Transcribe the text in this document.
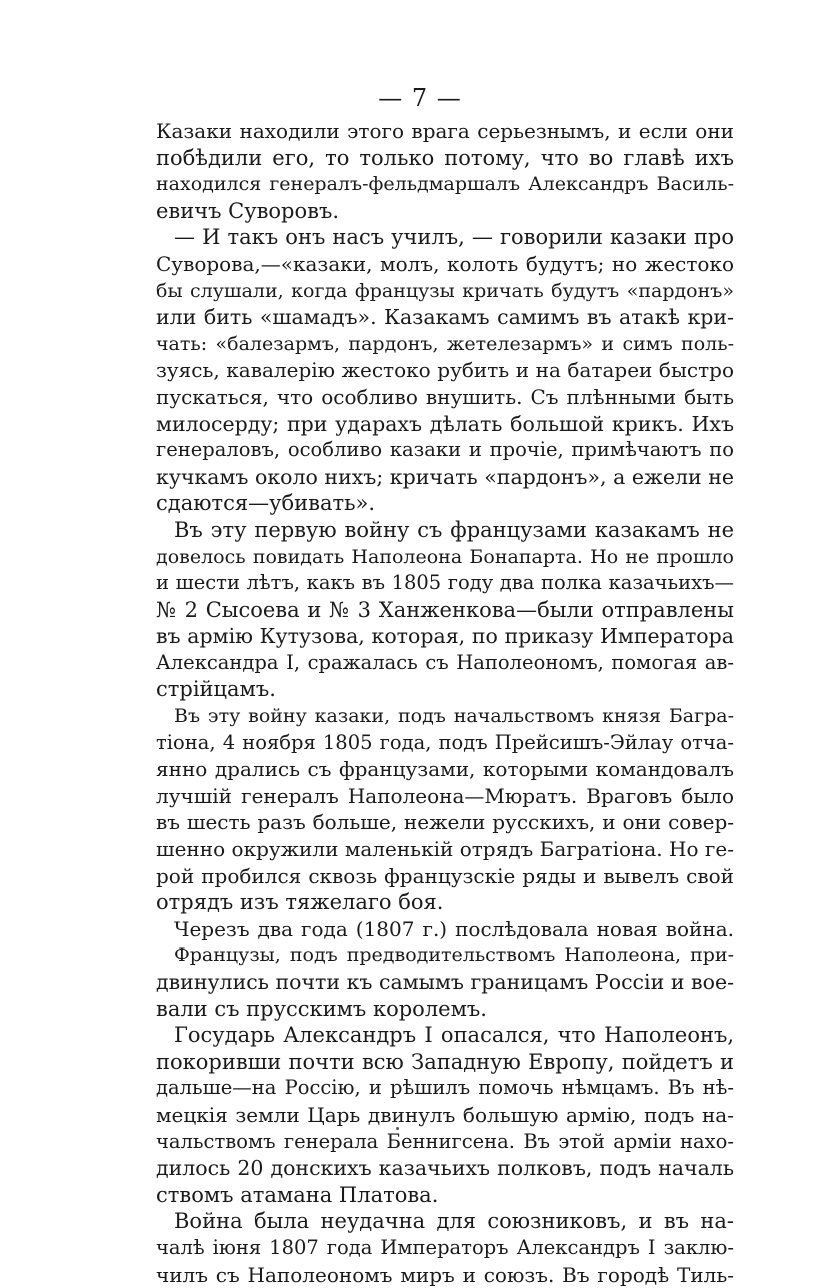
— 7 —
Казаки находили этого врага серьезнымъ, и если они
побѣдили его, то только потому, что во главѣ ихъ
находился генералъ-фельдмаршалъ Александръ Василь-
евичъ Суворовъ.
— И такъ онъ насъ училъ, — говорили казаки про
Суворова,—«казаки, молъ, колоть будутъ; но жестоко
бы слушали, когда французы кричать будутъ «пардонъ»
или бить «шамадъ». Казакамъ самимъ въ атакѣ кри-
чать: «балезармъ, пардонъ, жетелезармъ» и симъ поль-
зуясь, кавалерію жестоко рубить и на батареи быстро
пускаться, что особливо внушить. Съ плѣнными быть
милосерду; при ударахъ дѣлать большой крикъ. Ихъ
генераловъ, особливо казаки и прочіе, примѣчаютъ по
кучкамъ около нихъ; кричать «пардонъ», а ежели не
сдаются—убивать».
Въ эту первую войну съ французами казакамъ не
довелось повидать Наполеона Бонапарта. Но не прошло
и шести лѣтъ, какъ въ 1805 году два полка казачьихъ—
№ 2 Сысоева и № 3 Ханженкова—были отправлены
въ армію Кутузова, которая, по приказу Императора
Александра I, сражалась съ Наполеономъ, помогая ав-
стрійцамъ.
Въ эту войну казаки, подъ начальствомъ князя Багра-
тіона, 4 ноября 1805 года, подъ Прейсишъ-Эйлау отча-
янно дрались съ французами, которыми командовалъ
лучшій генералъ Наполеона—Мюратъ. Враговъ было
въ шесть разъ больше, нежели русскихъ, и они совер-
шенно окружили маленькій отрядъ Багратіона. Но ге-
рой пробился сквозь французскіе ряды и вывелъ свой
отрядъ изъ тяжелаго боя.
Черезъ два года (1807 г.) послѣдовала новая война.
Французы, подъ предводительствомъ Наполеона, при-
двинулись почти къ самымъ границамъ Россіи и вое-
вали съ прусскимъ королемъ.
Государь Александръ I опасался, что Наполеонъ,
покоривши почти всю Западную Европу, пойдетъ и
дальше—на Россію, и рѣшилъ помочь нѣмцамъ. Въ нѣ-
мецкія земли Царь двинулъ большую армію, подъ на-
чальствомъ генерала Беннигсена. Въ этой арміи нахо-
дилось 20 донскихъ казачьихъ полковъ, подъ началь
ствомъ атамана Платова.
Война была неудачна для союзниковъ, и въ на-
чалѣ іюня 1807 года Императоръ Александръ I заклю-
чилъ съ Наполеономъ миръ и союзъ. Въ городѣ Тиль-
